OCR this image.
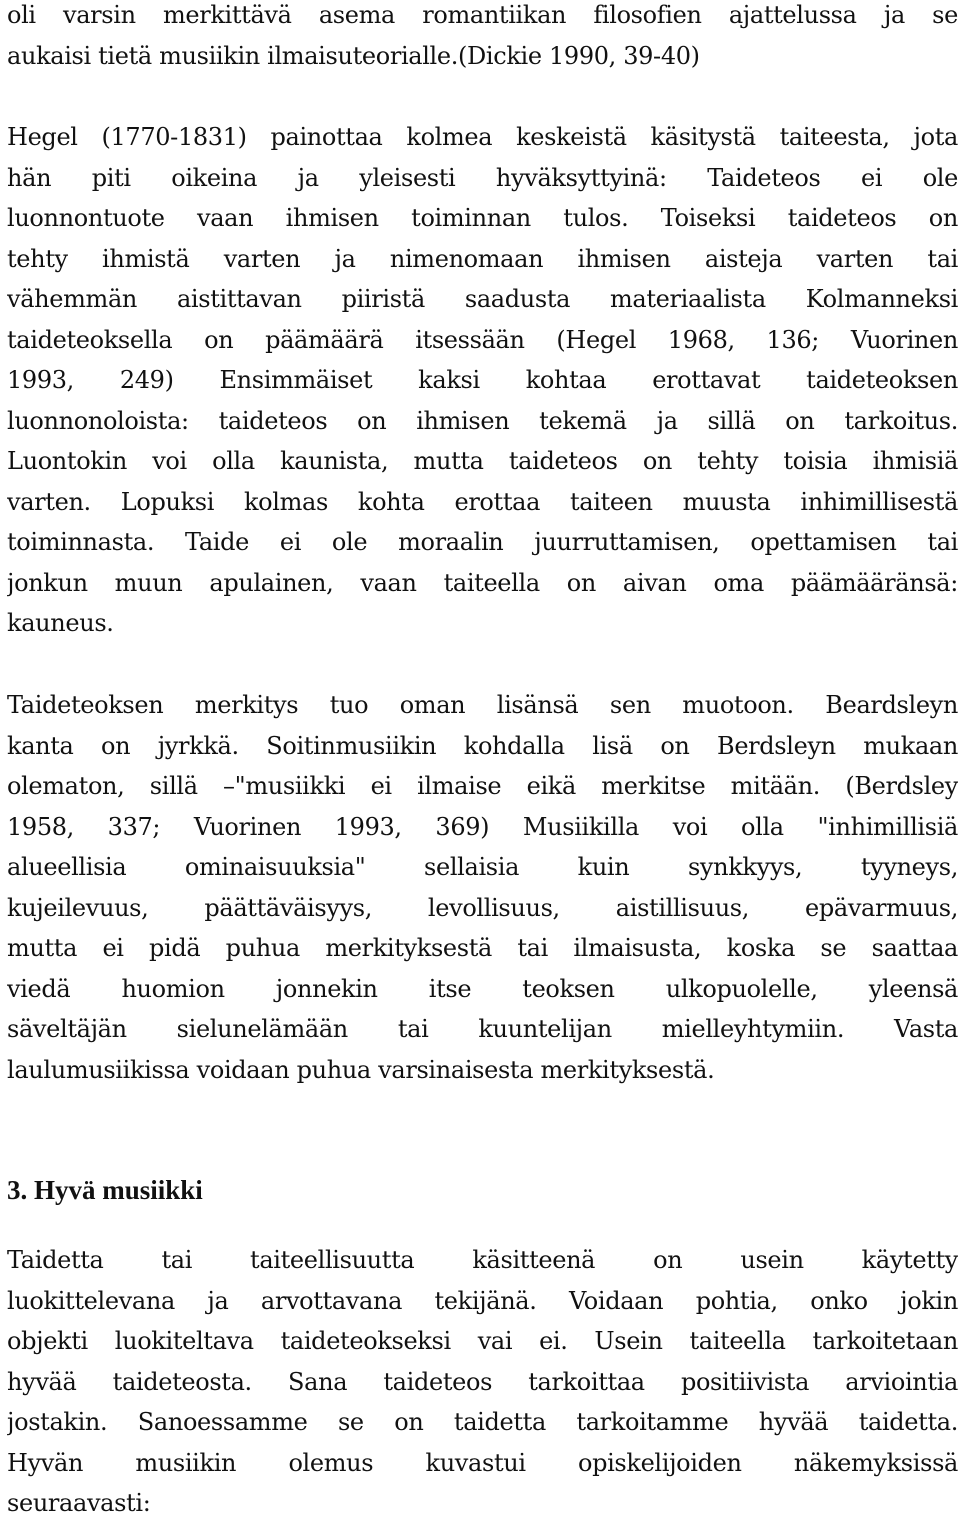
oli varsin merkittävä asema romantiikan filosofien ajattelussa ja se
aukaisi tietä musiikin ilmaisuteorialle.(Dickie 1990, 39-40)

Hegel (1770-1831) painottaa kolmea keskeistä käsitystä taiteesta, jota
hän piti oikeina ja yleisesti hyväksyttyinä: Taideteos ei ole
luonnontuote vaan ihmisen toiminnan tulos. Toiseksi taideteos on
tehty ihmistä varten ja nimenomaan ihmisen aisteja varten tai
vähemmän aistittavan piiristä saadusta materiaalista Kolmanneksi
taideteoksella on päämäärä itsessään (Hegel 1968, 136; Vuorinen
1993, 249) Ensimmäiset kaksi kohtaa erottavat taideteoksen
luonnonoloista: taideteos on ihmisen tekemä ja sillä on tarkoitus.
Luontokin voi olla kaunista, mutta taideteos on tehty toisia ihmisiä
varten. Lopuksi kolmas kohta erottaa taiteen muusta inhimillisestä
toiminnasta. Taide ei ole moraalin juurruttamisen, opettamisen tai
jonkun muun apulainen, vaan taiteella on aivan oma päämääränsä:
kauneus.

Taideteoksen merkitys tuo oman lisänsä sen muotoon. Beardsleyn
kanta on jyrkkä. Soitinmusiikin kohdalla lisä on Berdsleyn mukaan
olematon, sillä –"musiikki ei ilmaise eikä merkitse mitään. (Berdsley
1958, 337; Vuorinen 1993, 369) Musiikilla voi olla "inhimillisiä
alueellisia ominaisuuksia" sellaisia kuin synkkyys, tyyneys,
kujeilevuus, päättäväisyys, levollisuus, aistillisuus, epävarmuus,
mutta ei pidä puhua merkityksestä tai ilmaisusta, koska se saattaa
viedä huomion jonnekin itse teoksen ulkopuolelle, yleensä
säveltäjän sielunelämään tai kuuntelijan mielleyhtymiin. Vasta
laulumusiikissa voidaan puhua varsinaisesta merkityksestä.

3. Hyvä musiikki

Taidetta tai taiteellisuutta käsitteenä on usein käytetty
luokittelevana ja arvottavana tekijänä. Voidaan pohtia, onko jokin
objekti luokiteltava taideteokseksi vai ei. Usein taiteella tarkoitetaan
hyvää taideteosta. Sana taideteos tarkoittaa positiivista arviointia
jostakin. Sanoessamme se on taidetta tarkoitamme hyvää taidetta.
Hyvän musiikin olemus kuvastui opiskelijoiden näkemyksissä
seuraavasti:
